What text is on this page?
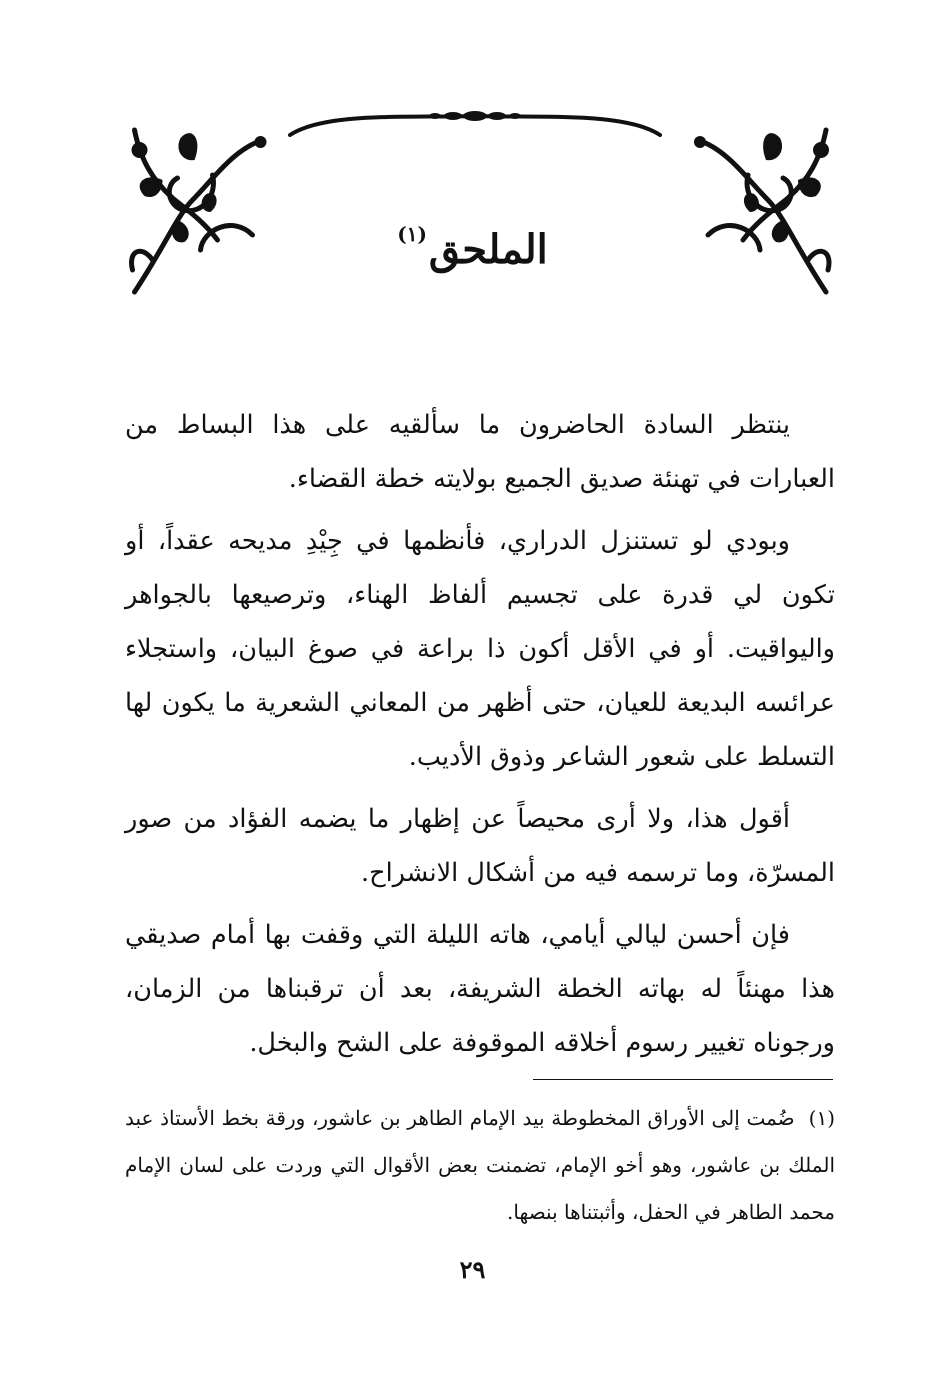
الملحق$^{(١)}$

ينتظر السادة الحاضرون ما سألقيه على هذا البساط من العبارات في تهنئة صديق الجميع بولايته خطة القضاء.

وبودي لو تستنزل الدراري، فأنظمها في جِيْدِ مديحه عقداً، أو تكون لي قدرة على تجسيم ألفاظ الهناء، وترصيعها بالجواهر واليواقيت. أو في الأقل أكون ذا براعة في صوغ البيان، واستجلاء عرائسه البديعة للعيان، حتى أظهر من المعاني الشعرية ما يكون لها التسلط على شعور الشاعر وذوق الأديب.

أقول هذا، ولا أرى محيصاً عن إظهار ما يضمه الفؤاد من صور المسرّة، وما ترسمه فيه من أشكال الانشراح.

فإن أحسن ليالي أيامي، هاته الليلة التي وقفت بها أمام صديقي هذا مهنئاً له بهاته الخطة الشريفة، بعد أن ترقبناها من الزمان، ورجوناه تغيير رسوم أخلاقه الموقوفة على الشح والبخل.

(١)ضُمت إلى الأوراق المخطوطة بيد الإمام الطاهر بن عاشور، ورقة بخط الأستاذ عبد الملك بن عاشور، وهو أخو الإمام، تضمنت بعض الأقوال التي وردت على لسان الإمام محمد الطاهر في الحفل، وأثبتناها بنصها.

٢٩
